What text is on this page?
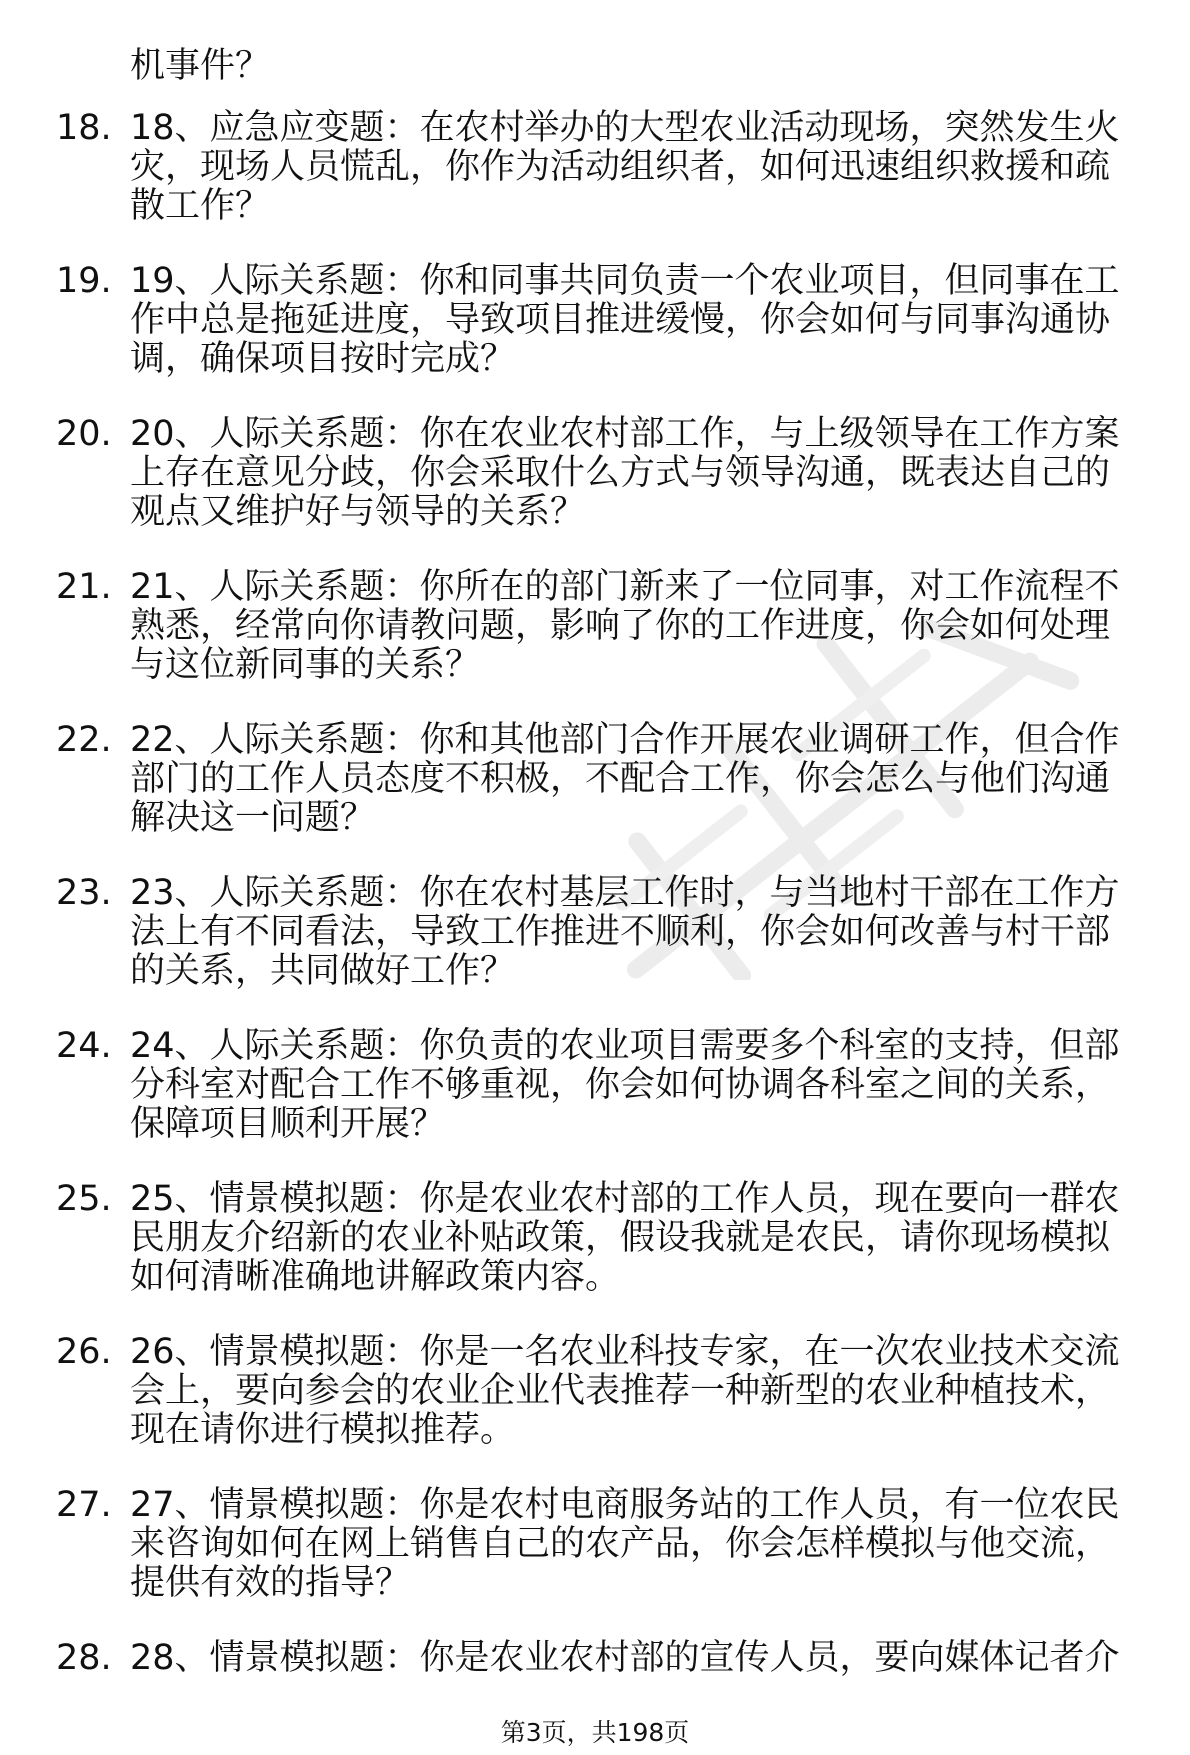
机事件？
18. 18、应急应变题：在农村举办的大型农业活动现场，突然发生火
灾，现场人员慌乱，你作为活动组织者，如何迅速组织救援和疏
散工作？
19. 19、人际关系题：你和同事共同负责一个农业项目，但同事在工
作中总是拖延进度，导致项目推进缓慢，你会如何与同事沟通协
调，确保项目按时完成？
20. 20、人际关系题：你在农业农村部工作，与上级领导在工作方案
上存在意见分歧，你会采取什么方式与领导沟通，既表达自己的
观点又维护好与领导的关系？
21. 21、人际关系题：你所在的部门新来了一位同事，对工作流程不
熟悉，经常向你请教问题，影响了你的工作进度，你会如何处理
与这位新同事的关系？
22. 22、人际关系题：你和其他部门合作开展农业调研工作，但合作
部门的工作人员态度不积极，不配合工作，你会怎么与他们沟通
解决这一问题？
23. 23、人际关系题：你在农村基层工作时，与当地村干部在工作方
法上有不同看法，导致工作推进不顺利，你会如何改善与村干部
的关系，共同做好工作？
24. 24、人际关系题：你负责的农业项目需要多个科室的支持，但部
分科室对配合工作不够重视，你会如何协调各科室之间的关系，
保障项目顺利开展？
25. 25、情景模拟题：你是农业农村部的工作人员，现在要向一群农
民朋友介绍新的农业补贴政策，假设我就是农民，请你现场模拟
如何清晰准确地讲解政策内容。
26. 26、情景模拟题：你是一名农业科技专家，在一次农业技术交流
会上，要向参会的农业企业代表推荐一种新型的农业种植技术，
现在请你进行模拟推荐。
27. 27、情景模拟题：你是农村电商服务站的工作人员，有一位农民
来咨询如何在网上销售自己的农产品，你会怎样模拟与他交流，
提供有效的指导？
28. 28、情景模拟题：你是农业农村部的宣传人员，要向媒体记者介
第3页，共198页
